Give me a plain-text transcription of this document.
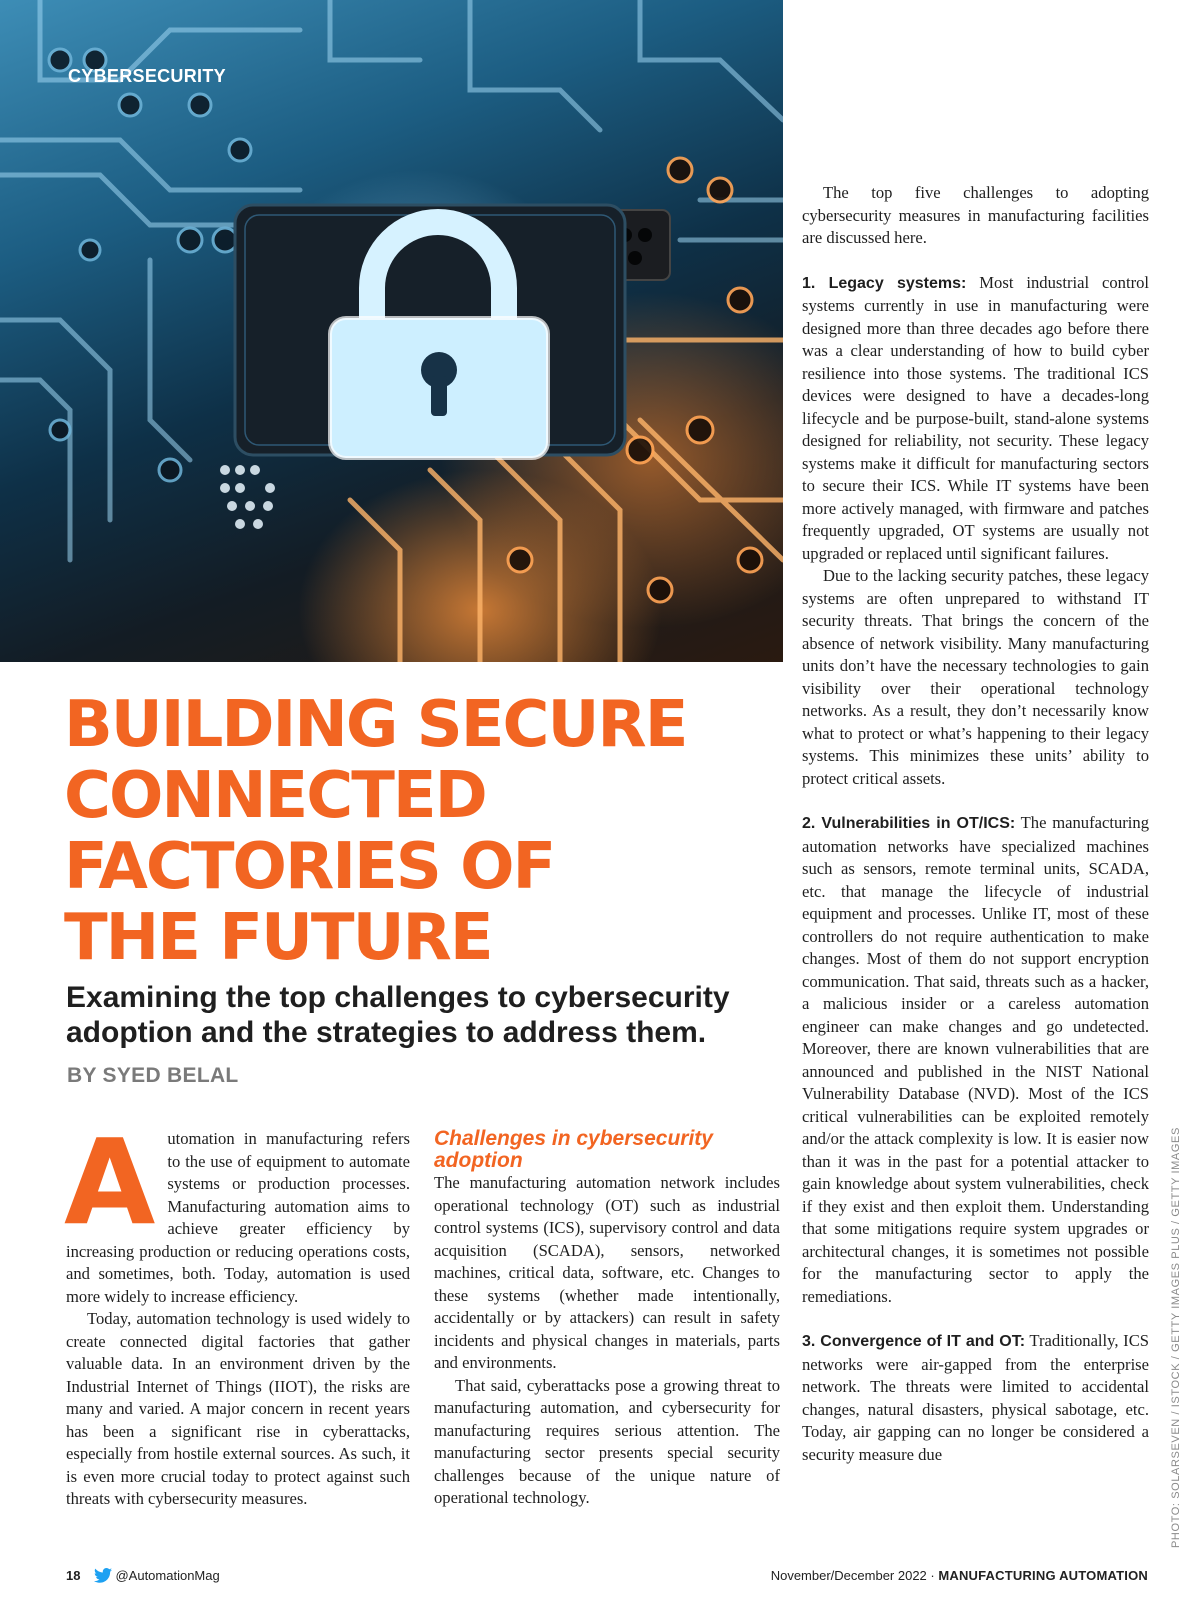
CYBERSECURITY
BUILDING SECURE
CONNECTED
FACTORIES OF
THE FUTURE
Examining the top challenges to cybersecurity adoption and the strategies to address them.
BY SYED BELAL

Automation in manufacturing refers to the use of equipment to automate systems or production processes. Manufacturing automation aims to achieve greater efficiency by increasing production or reducing operations costs, and sometimes, both. Today, automation is used more widely to increase efficiency.

Today, automation technology is used widely to create connected digital factories that gather valuable data. In an environment driven by the Industrial Internet of Things (IIOT), the risks are many and varied. A major concern in recent years has been a significant rise in cyberattacks, especially from hostile external sources. As such, it is even more crucial today to protect against such threats with cybersecurity measures.

Challenges in cybersecurity adoption

The manufacturing automation network includes operational technology (OT) such as industrial control systems (ICS), supervisory control and data acquisition (SCADA), sensors, networked machines, critical data, software, etc. Changes to these systems (whether made intentionally, accidentally or by attackers) can result in safety incidents and physical changes in materials, parts and environments.

That said, cyberattacks pose a growing threat to manufacturing automation, and cybersecurity for manufacturing requires serious attention. The manufacturing sector presents special security challenges because of the unique nature of operational technology.

The top five challenges to adopting cybersecurity measures in manufacturing facilities are discussed here.

1. Legacy systems: Most industrial control systems currently in use in manufacturing were designed more than three decades ago before there was a clear understanding of how to build cyber resilience into those systems. The traditional ICS devices were designed to have a decades-long lifecycle and be purpose-built, stand-alone systems designed for reliability, not security. These legacy systems make it difficult for manufacturing sectors to secure their ICS. While IT systems have been more actively managed, with firmware and patches frequently upgraded, OT systems are usually not upgraded or replaced until significant failures.

Due to the lacking security patches, these legacy systems are often unprepared to withstand IT security threats. That brings the concern of the absence of network visibility. Many manufacturing units don’t have the necessary technologies to gain visibility over their operational technology networks. As a result, they don’t necessarily know what to protect or what’s happening to their legacy systems. This minimizes these units’ ability to protect critical assets.

2. Vulnerabilities in OT/ICS: The manufacturing automation networks have specialized machines such as sensors, remote terminal units, SCADA, etc. that manage the lifecycle of industrial equipment and processes. Unlike IT, most of these controllers do not require authentication to make changes. Most of them do not support encryption communication. That said, threats such as a hacker, a malicious insider or a careless automation engineer can make changes and go undetected. Moreover, there are known vulnerabilities that are announced and published in the NIST National Vulnerability Database (NVD). Most of the ICS critical vulnerabilities can be exploited remotely and/or the attack complexity is low. It is easier now than it was in the past for a potential attacker to gain knowledge about system vulnerabilities, check if they exist and then exploit them. Understanding that some mitigations require system upgrades or architectural changes, it is sometimes not possible for the manufacturing sector to apply the remediations.

3. Convergence of IT and OT: Traditionally, ICS networks were air-gapped from the enterprise network. The threats were limited to accidental changes, natural disasters, physical sabotage, etc. Today, air gapping can no longer be considered a security measure due	PHOTO: SOLARSEVEN / ISTOCK / GETTY IMAGES PLUS / GETTY IMAGES
18	@AutomationMag	November/December 2022 · MANUFACTURING AUTOMATION
